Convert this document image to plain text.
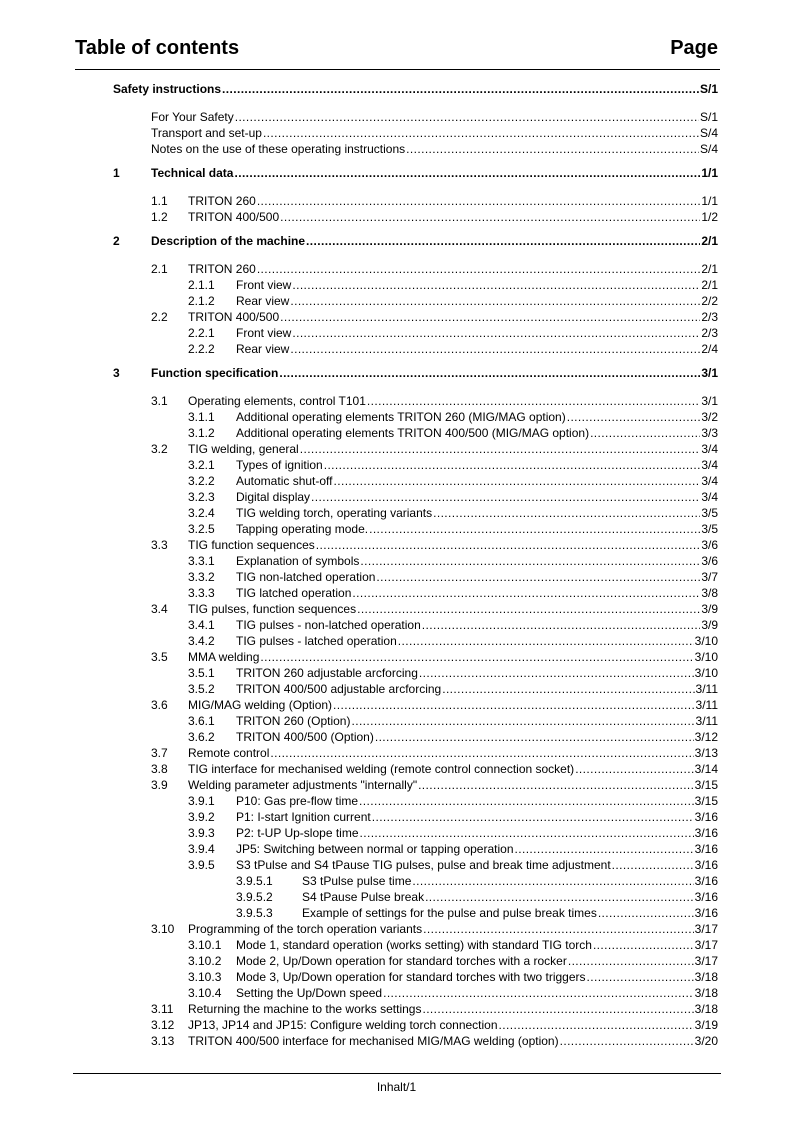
Table of contents	Page
Safety instructions .....	S/1
For Your Safety .....	S/1
Transport and set-up .....	S/4
Notes on the use of these operating instructions .....	S/4
1	Technical data .....	1/1
1.1	TRITON 260 .....	1/1
1.2	TRITON 400/500 .....	1/2
2	Description of the machine .....	2/1
2.1	TRITON 260 .....	2/1
2.1.1	Front view .....	2/1
2.1.2	Rear view .....	2/2
2.2	TRITON 400/500 .....	2/3
2.2.1	Front view .....	2/3
2.2.2	Rear view .....	2/4
3	Function specification .....	3/1
3.1	Operating elements, control T101 .....	3/1
3.1.1	Additional operating elements TRITON 260 (MIG/MAG option) .....	3/2
3.1.2	Additional operating elements TRITON 400/500 (MIG/MAG option) .....	3/3
3.2	TIG welding, general .....	3/4
3.2.1	Types of ignition .....	3/4
3.2.2	Automatic shut-off .....	3/4
3.2.3	Digital display .....	3/4
3.2.4	TIG welding torch, operating variants .....	3/5
3.2.5	Tapping operating mode. .....	3/5
3.3	TIG function sequences .....	3/6
3.3.1	Explanation of symbols .....	3/6
3.3.2	TIG non-latched operation .....	3/7
3.3.3	TIG latched operation .....	3/8
3.4	TIG pulses, function sequences .....	3/9
3.4.1	TIG pulses - non-latched operation .....	3/9
3.4.2	TIG pulses - latched operation .....	3/10
3.5	MMA welding .....	3/10
3.5.1	TRITON 260 adjustable arcforcing .....	3/10
3.5.2	TRITON 400/500 adjustable arcforcing .....	3/11
3.6	MIG/MAG welding (Option) .....	3/11
3.6.1	TRITON 260 (Option) .....	3/11
3.6.2	TRITON 400/500 (Option) .....	3/12
3.7	Remote control .....	3/13
3.8	TIG interface for mechanised welding (remote control connection socket) .....	3/14
3.9	Welding parameter adjustments "internally" .....	3/15
3.9.1	P10: Gas pre-flow time .....	3/15
3.9.2	P1: I-start Ignition current .....	3/16
3.9.3	P2: t-UP Up-slope time .....	3/16
3.9.4	JP5: Switching between normal or tapping operation .....	3/16
3.9.5	S3 tPulse and S4 tPause TIG pulses, pulse and break time adjustment .....	3/16
3.9.5.1	S3 tPulse pulse time .....	3/16
3.9.5.2	S4 tPause Pulse break .....	3/16
3.9.5.3	Example of settings for the pulse and pulse break times .....	3/16
3.10	Programming of the torch operation variants .....	3/17
3.10.1	Mode 1, standard operation (works setting) with standard TIG torch .....	3/17
3.10.2	Mode 2, Up/Down operation for standard torches with a rocker .....	3/17
3.10.3	Mode 3, Up/Down operation for standard torches with two triggers .....	3/18
3.10.4	Setting the Up/Down speed .....	3/18
3.11	Returning the machine to the works settings .....	3/18
3.12	JP13, JP14 and JP15: Configure welding torch connection .....	3/19
3.13	TRITON 400/500 interface for mechanised MIG/MAG welding (option) .....	3/20
Inhalt/1
